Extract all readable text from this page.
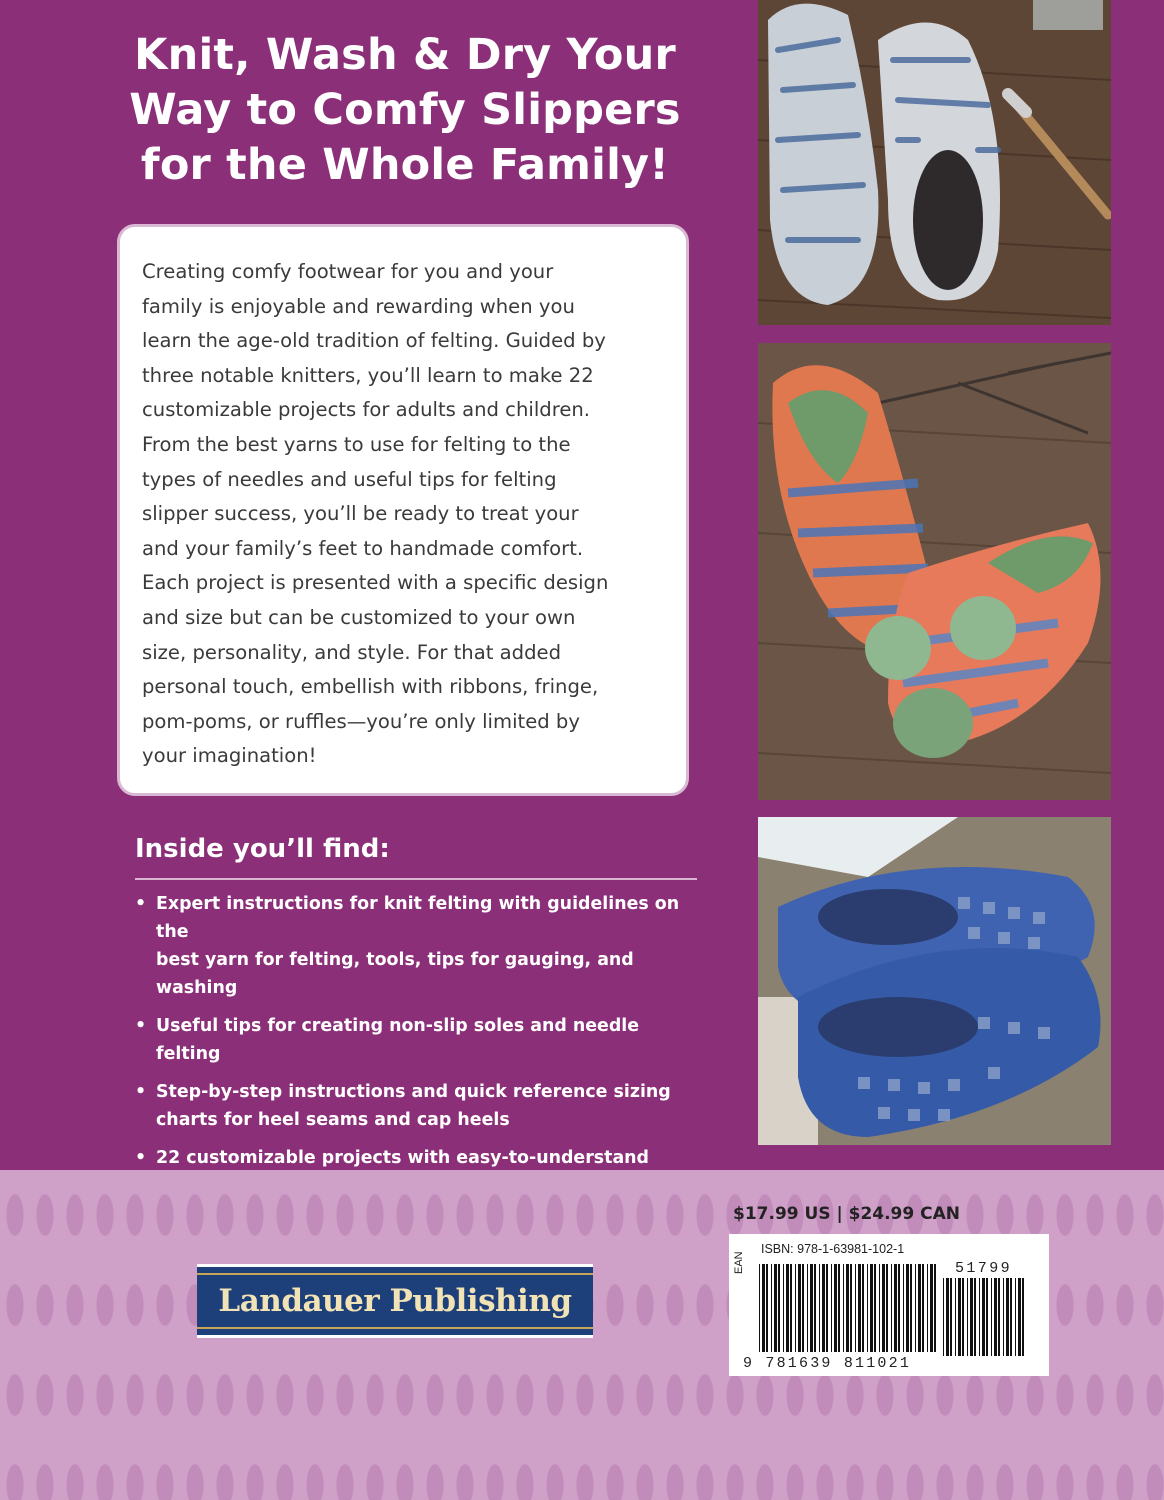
Knit, Wash & Dry Your
Way to Comfy Slippers
for the Whole Family!
Creating comfy footwear for you and your
family is enjoyable and rewarding when you
learn the age-old tradition of felting. Guided by
three notable knitters, you’ll learn to make 22
customizable projects for adults and children.
From the best yarns to use for felting to the
types of needles and useful tips for felting
slipper success, you’ll be ready to treat your
and your family’s feet to handmade comfort.
Each project is presented with a specific design
and size but can be customized to your own
size, personality, and style. For that added
personal touch, embellish with ribbons, fringe,
pom-poms, or ruffles—you’re only limited by
your imagination!
Inside you’ll find:
• Expert instructions for knit felting with guidelines on the
best yarn for felting, tools, tips for gauging, and washing
• Useful tips for creating non-slip soles and needle felting
• Step-by-step instructions and quick reference sizing
charts for heel seams and cap heels
• 22 customizable projects with easy-to-understand
Landauer Publishing
$17.99 US | $24.99 CAN
ISBN: 978-1-63981-102-1
EAN
9 781639 811021
51799
